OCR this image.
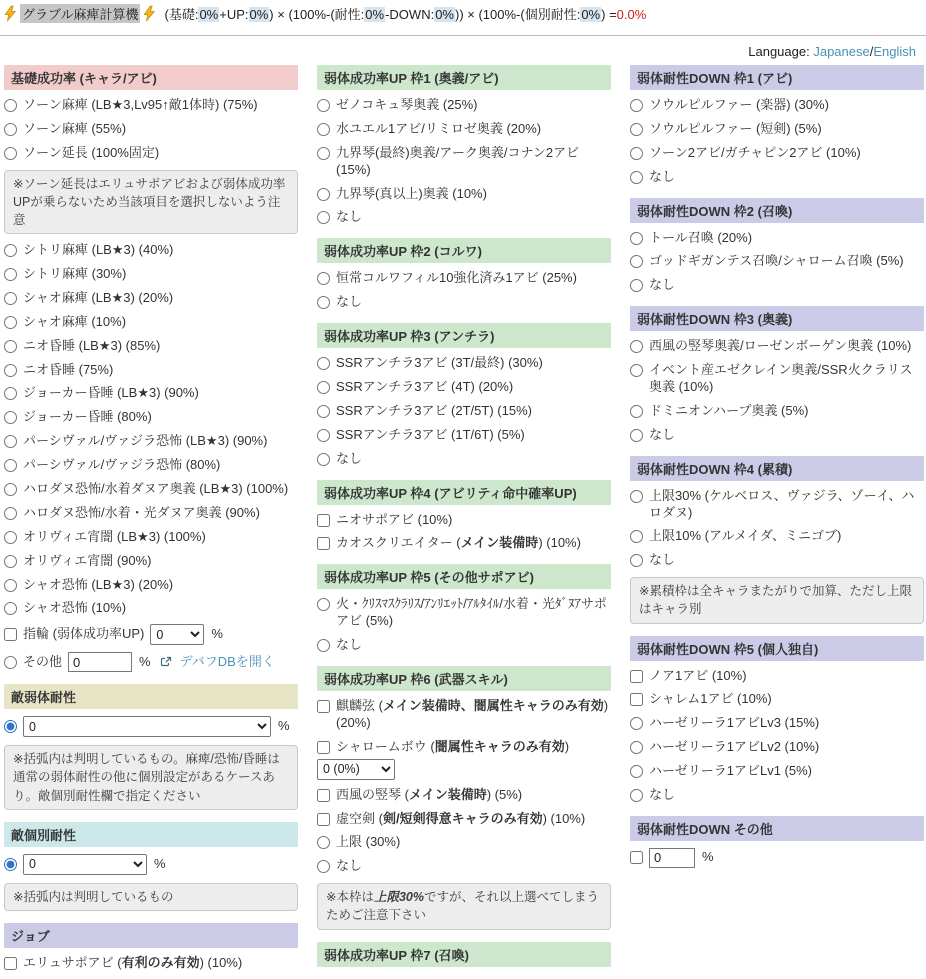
グラブル麻痺計算機 (基礎:0%+UP:0%) × (100%-(耐性:0%-DOWN:0%)) × (100%-(個別耐性:0%) =0.0%
Language: Japanese/English
基礎成功率 (キャラ/アビ)
ソーン麻痺 (LB★3,Lv95↑敵1体時) (75%)
ソーン麻痺 (55%)
ソーン延長 (100%固定)
※ソーン延長はエリュサポアビおよび弱体成功率UPが乗らないため当該項目を選択しないよう注意
シトリ麻痺 (LB★3) (40%)
シトリ麻痺 (30%)
シャオ麻痺 (LB★3) (20%)
シャオ麻痺 (10%)
ニオ昏睡 (LB★3) (85%)
ニオ昏睡 (75%)
ジョーカー昏睡 (LB★3) (90%)
ジョーカー昏睡 (80%)
パーシヴァル/ヴァジラ恐怖 (LB★3) (90%)
パーシヴァル/ヴァジラ恐怖 (80%)
ハロダヌ恐怖/水着ダヌア奥義 (LB★3) (100%)
ハロダヌ恐怖/水着・光ダヌア奥義 (90%)
オリヴィエ宵闇 (LB★3) (100%)
オリヴィエ宵闇 (90%)
シャオ恐怖 (LB★3) (20%)
シャオ恐怖 (10%)
指輪 (弱体成功率UP)
0	%
その他
0	% デバフDBを開く
敵弱体耐性
0
%
※括弧内は判明しているもの。麻痺/恐怖/昏睡は通常の弱体耐性の他に個別設定があるケースあり。敵個別耐性欄で指定ください
敵個別耐性
0
%
※括弧内は判明しているもの
ジョブ
エリュサポアビ (有利のみ有効) (10%)
弱体成功率UP 枠1 (奥義/アビ)
ゼノコキュ琴奥義 (25%)
水ユエル1アビ/リミロゼ奥義 (20%)
九界琴(最終)奥義/アーク奥義/コナン2アビ (15%)
九界琴(真以上)奥義 (10%)
なし
弱体成功率UP 枠2 (コルワ)
恒常コルワフィル10強化済み1アビ (25%)
なし
弱体成功率UP 枠3 (アンチラ)
SSRアンチラ3アビ (3T/最終) (30%)
SSRアンチラ3アビ (4T) (20%)
SSRアンチラ3アビ (2T/5T) (15%)
SSRアンチラ3アビ (1T/6T) (5%)
なし
弱体成功率UP 枠4 (アビリティ命中確率UP)
ニオサポアビ (10%)
カオスクリエイター (メイン装備時) (10%)
弱体成功率UP 枠5 (その他サポアビ)
火・ｸﾘｽﾏｽｸﾗﾘｽ/ｱﾝﾘｴｯﾄ/ｱﾙﾀｲﾙ/水着・光ﾀﾞﾇｱサポアビ (5%)
なし
弱体成功率UP 枠6 (武器スキル)
麒麟弦 (メイン装備時、闇属性キャラのみ有効) (20%)
シャロームボウ (闇属性キャラのみ有効)
0 (0%)
西風の竪琴 (メイン装備時) (5%)
虚空剣 (剣/短剣得意キャラのみ有効) (10%)
上限 (30%)
なし
※本枠は上限30%ですが、それ以上選べてしまうためご注意下さい
弱体成功率UP 枠7 (召喚)
弱体耐性DOWN 枠1 (アビ)
ソウルピルファー (楽器) (30%)
ソウルピルファー (短剣) (5%)
ソーン2アビ/ガチャピン2アビ (10%)
なし
弱体耐性DOWN 枠2 (召喚)
トール召喚 (20%)
ゴッドギガンテス召喚/シャローム召喚 (5%)
なし
弱体耐性DOWN 枠3 (奥義)
西風の竪琴奥義/ローゼンボーゲン奥義 (10%)
イベント産エゼクレイン奥義/SSR火クラリス奥義 (10%)
ドミニオンハープ奥義 (5%)
なし
弱体耐性DOWN 枠4 (累積)
上限30% (ケルベロス、ヴァジラ、ゾーイ、ハロダヌ)
上限10% (アルメイダ、ミニゴブ)
なし
※累積枠は全キャラまたがりで加算、ただし上限はキャラ別
弱体耐性DOWN 枠5 (個人独自)
ノア1アビ (10%)
シャレム1アビ (10%)
ハーゼリーラ1アビLv3 (15%)
ハーゼリーラ1アビLv2 (10%)
ハーゼリーラ1アビLv1 (5%)
なし
弱体耐性DOWN その他
0
%
